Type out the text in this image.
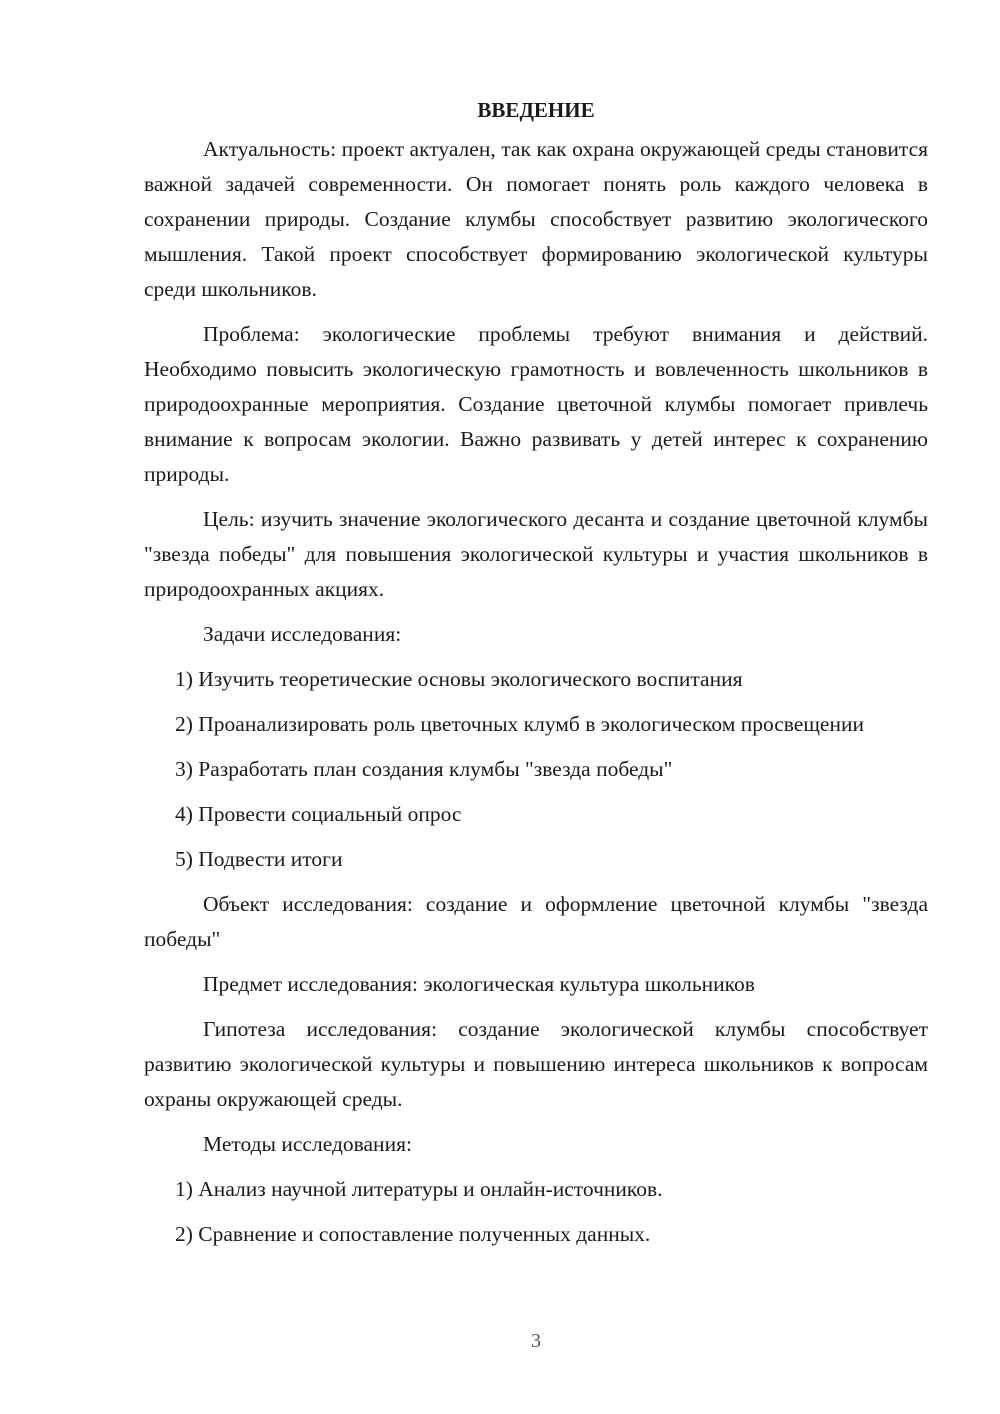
ВВЕДЕНИЕ

Актуальность: проект актуален, так как охрана окружающей среды становится важной задачей современности. Он помогает понять роль каждого человека в сохранении природы. Создание клумбы способствует развитию экологического мышления. Такой проект способствует формированию экологической культуры среди школьников.

Проблема: экологические проблемы требуют внимания и действий. Необходимо повысить экологическую грамотность и вовлеченность школьников в природоохранные мероприятия. Создание цветочной клумбы помогает привлечь внимание к вопросам экологии. Важно развивать у детей интерес к сохранению природы.

Цель: изучить значение экологического десанта и создание цветочной клумбы "звезда победы" для повышения экологической культуры и участия школьников в природоохранных акциях.

Задачи исследования:

1) Изучить теоретические основы экологического воспитания

2) Проанализировать роль цветочных клумб в экологическом просвещении

3) Разработать план создания клумбы "звезда победы"

4) Провести социальный опрос

5) Подвести итоги

Объект исследования: создание и оформление цветочной клумбы "звезда победы"

Предмет исследования: экологическая культура школьников

Гипотеза исследования: создание экологической клумбы способствует развитию экологической культуры и повышению интереса школьников к вопросам охраны окружающей среды.

Методы исследования:

1) Анализ научной литературы и онлайн-источников.

2) Сравнение и сопоставление полученных данных.

3
